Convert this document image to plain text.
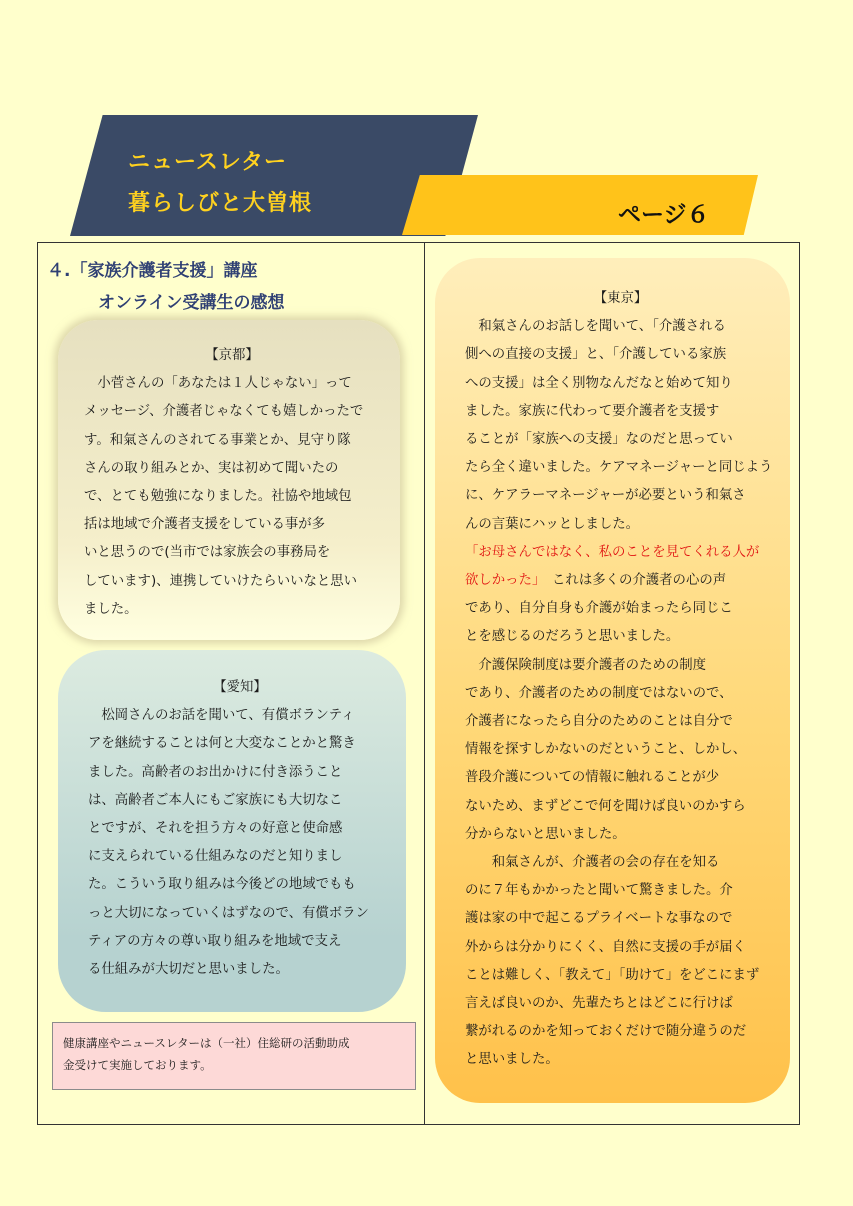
ニュースレター
暮らしびと大曽根	ページ６
４.「家族介護者支援」講座
オンライン受講生の感想
【京都】

　小菅さんの「あなたは１人じゃない」って
メッセージ、介護者じゃなくても嬉しかったで
す。和氣さんのされてる事業とか、見守り隊
さんの取り組みとか、実は初めて聞いたの
で、とても勉強になりました。社協や地域包
括は地域で介護者支援をしている事が多
いと思うので(当市では家族会の事務局を
しています)、連携していけたらいいなと思い
ました。

【愛知】

　松岡さんのお話を聞いて、有償ボランティ
アを継続することは何と大変なことかと驚き
ました。高齢者のお出かけに付き添うこと
は、高齢者ご本人にもご家族にも大切なこ
とですが、それを担う方々の好意と使命感
に支えられている仕組みなのだと知りまし
た。こういう取り組みは今後どの地域でもも
っと大切になっていくはずなので、有償ボラン
ティアの方々の尊い取り組みを地域で支え
る仕組みが大切だと思いました。

健康講座やニュースレターは（一社）住総研の活動助成
金受けて実施しております。
【東京】

　和氣さんのお話しを聞いて、「介護される
側への直接の支援」と、「介護している家族
への支援」は全く別物なんだなと始めて知り
ました。家族に代わって要介護者を支援す
ることが「家族への支援」なのだと思ってい
たら全く違いました。ケアマネージャーと同じよう
に、ケアラーマネージャーが必要という和氣さ
んの言葉にハッとしました。
「お母さんではなく、私のことを見てくれる人が
欲しかった」　これは多くの介護者の心の声
であり、自分自身も介護が始まったら同じこ
とを感じるのだろうと思いました。
　介護保険制度は要介護者のための制度
であり、介護者のための制度ではないので、
介護者になったら自分のためのことは自分で
情報を探すしかないのだということ、しかし、
普段介護についての情報に触れることが少
ないため、まずどこで何を聞けば良いのかすら
分からないと思いました。
　　和氣さんが、介護者の会の存在を知る
のに７年もかかったと聞いて驚きました。介
護は家の中で起こるプライベートな事なので
外からは分かりにくく、自然に支援の手が届く
ことは難しく、「教えて」「助けて」をどこにまず
言えば良いのか、先輩たちとはどこに行けば
繋がれるのかを知っておくだけで随分違うのだ
と思いました。
